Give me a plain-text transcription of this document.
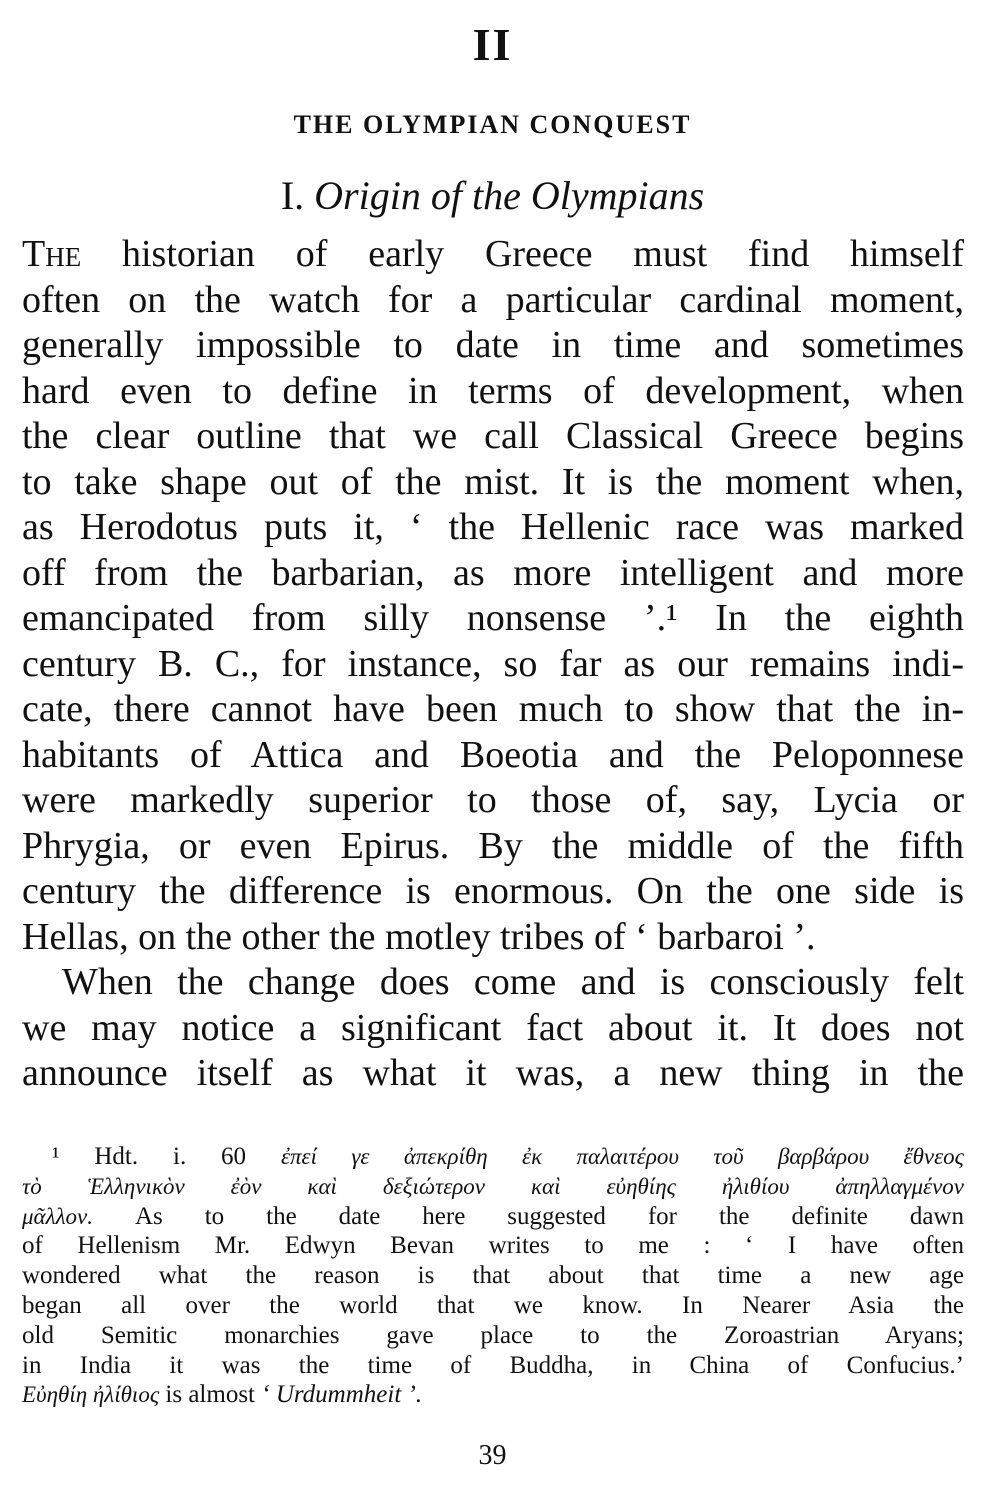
II
THE OLYMPIAN CONQUEST
I. Origin of the Olympians
The historian of early Greece must find himself
often on the watch for a particular cardinal moment,
generally impossible to date in time and sometimes
hard even to define in terms of development, when
the clear outline that we call Classical Greece begins
to take shape out of the mist. It is the moment when,
as Herodotus puts it, ‘ the Hellenic race was marked
off from the barbarian, as more intelligent and more
emancipated from silly nonsense ’.¹ In the eighth
century B. C., for instance, so far as our remains indi-
cate, there cannot have been much to show that the in-
habitants of Attica and Boeotia and the Peloponnese
were markedly superior to those of, say, Lycia or
Phrygia, or even Epirus. By the middle of the fifth
century the difference is enormous. On the one side is
Hellas, on the other the motley tribes of ‘ barbaroi ’.
When the change does come and is consciously felt
we may notice a significant fact about it. It does not
announce itself as what it was, a new thing in the
¹ Hdt. i. 60 ἐπεί γε ἀπεκρίθη ἐκ παλαιτέρου τοῦ βαρβάρου ἔθνεος
τὸ Ἑλληνικὸν ἐὸν καὶ δεξιώτερον καὶ εὐηθίης ἠλιθίου ἀπηλλαγμένον
μᾶλλον. As to the date here suggested for the definite dawn
of Hellenism Mr. Edwyn Bevan writes to me : ‘ I have often
wondered what the reason is that about that time a new age
began all over the world that we know. In Nearer Asia the
old Semitic monarchies gave place to the Zoroastrian Aryans;
in India it was the time of Buddha, in China of Confucius.’
Εὐηθίη ἠλίθιος is almost ‘ Urdummheit ’.
39
